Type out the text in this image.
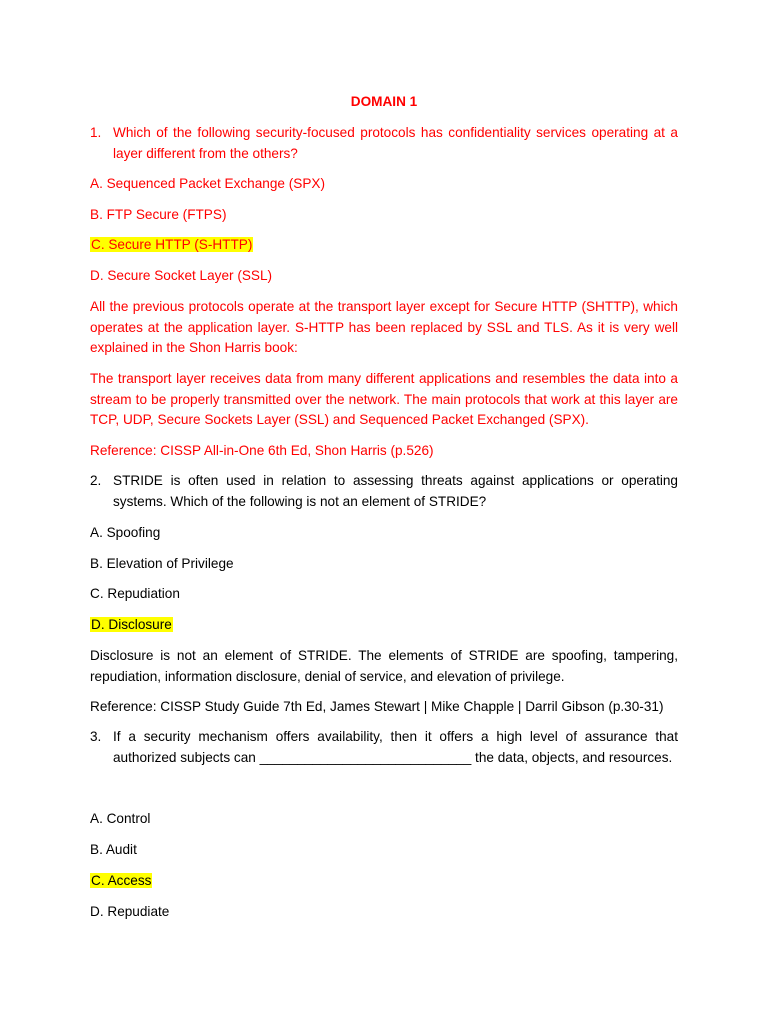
DOMAIN 1
1. Which of the following security-focused protocols has confidentiality services operating at a layer different from the others?
A. Sequenced Packet Exchange (SPX)
B. FTP Secure (FTPS)
C. Secure HTTP (S-HTTP)
D. Secure Socket Layer (SSL)
All the previous protocols operate at the transport layer except for Secure HTTP (SHTTP), which operates at the application layer. S-HTTP has been replaced by SSL and TLS. As it is very well explained in the Shon Harris book:
The transport layer receives data from many different applications and resembles the data into a stream to be properly transmitted over the network. The main protocols that work at this layer are TCP, UDP, Secure Sockets Layer (SSL) and Sequenced Packet Exchanged (SPX).
Reference: CISSP All-in-One 6th Ed, Shon Harris (p.526)
2. STRIDE is often used in relation to assessing threats against applications or operating systems. Which of the following is not an element of STRIDE?
A. Spoofing
B. Elevation of Privilege
C. Repudiation
D. Disclosure
Disclosure is not an element of STRIDE. The elements of STRIDE are spoofing, tampering, repudiation, information disclosure, denial of service, and elevation of privilege.
Reference: CISSP Study Guide 7th Ed, James Stewart | Mike Chapple | Darril Gibson (p.30-31)
3. If a security mechanism offers availability, then it offers a high level of assurance that authorized subjects can ____________________________ the data, objects, and resources.
A. Control
B. Audit
C. Access
D. Repudiate
